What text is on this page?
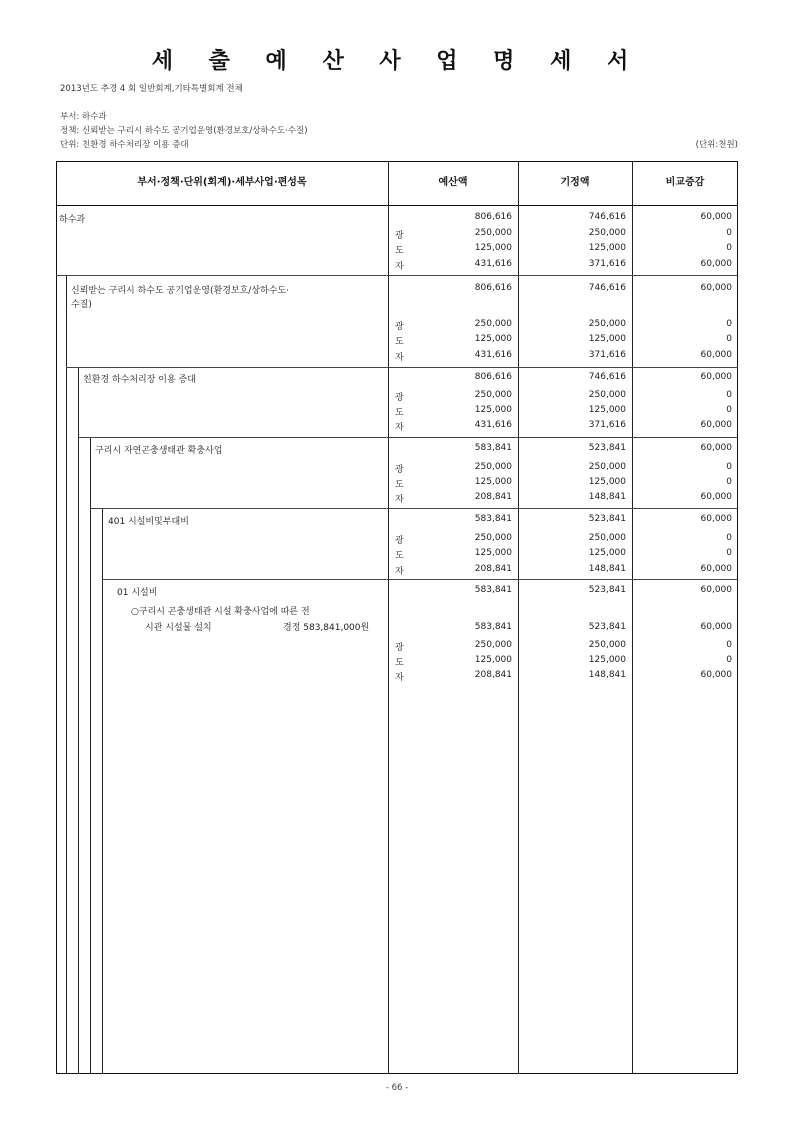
세 출 예 산 사 업 명 세 서
2013년도 추경 4 회 일반회계,기타특별회계 전체
부서: 하수과
정책: 신뢰받는 구리시 하수도 공기업운영(환경보호/상하수도·수질)
단위: 친환경 하수처리장 이용 증대	(단위:천원)
부서·정책·단위(회계)·세부사업·편성목	예산액	기정액	비교증감
하수과	806,616	746,616	60,000
광	250,000	250,000	0
도	125,000	125,000	0
자	431,616	371,616	60,000
신뢰받는 구리시 하수도 공기업운영(환경보호/상하수도·
수질)
806,616	746,616	60,000
광	250,000	250,000	0
도	125,000	125,000	0
자	431,616	371,616	60,000
친환경 하수처리장 이용 증대	806,616	746,616	60,000
광	250,000	250,000	0
도	125,000	125,000	0
자	431,616	371,616	60,000
구리시 자연곤충생태관 확충사업	583,841	523,841	60,000
광	250,000	250,000	0
도	125,000	125,000	0
자	208,841	148,841	60,000
401 시설비및부대비	583,841	523,841	60,000
광	250,000	250,000	0
도	125,000	125,000	0
자	208,841	148,841	60,000
01 시설비	583,841	523,841	60,000
○구리시 곤충생태관 시설 확충사업에 따른 전
시관 시설물 설치	경정 583,841,000원	583,841	523,841	60,000
광	250,000	250,000	0
도	125,000	125,000	0
자	208,841	148,841	60,000
- 66 -
